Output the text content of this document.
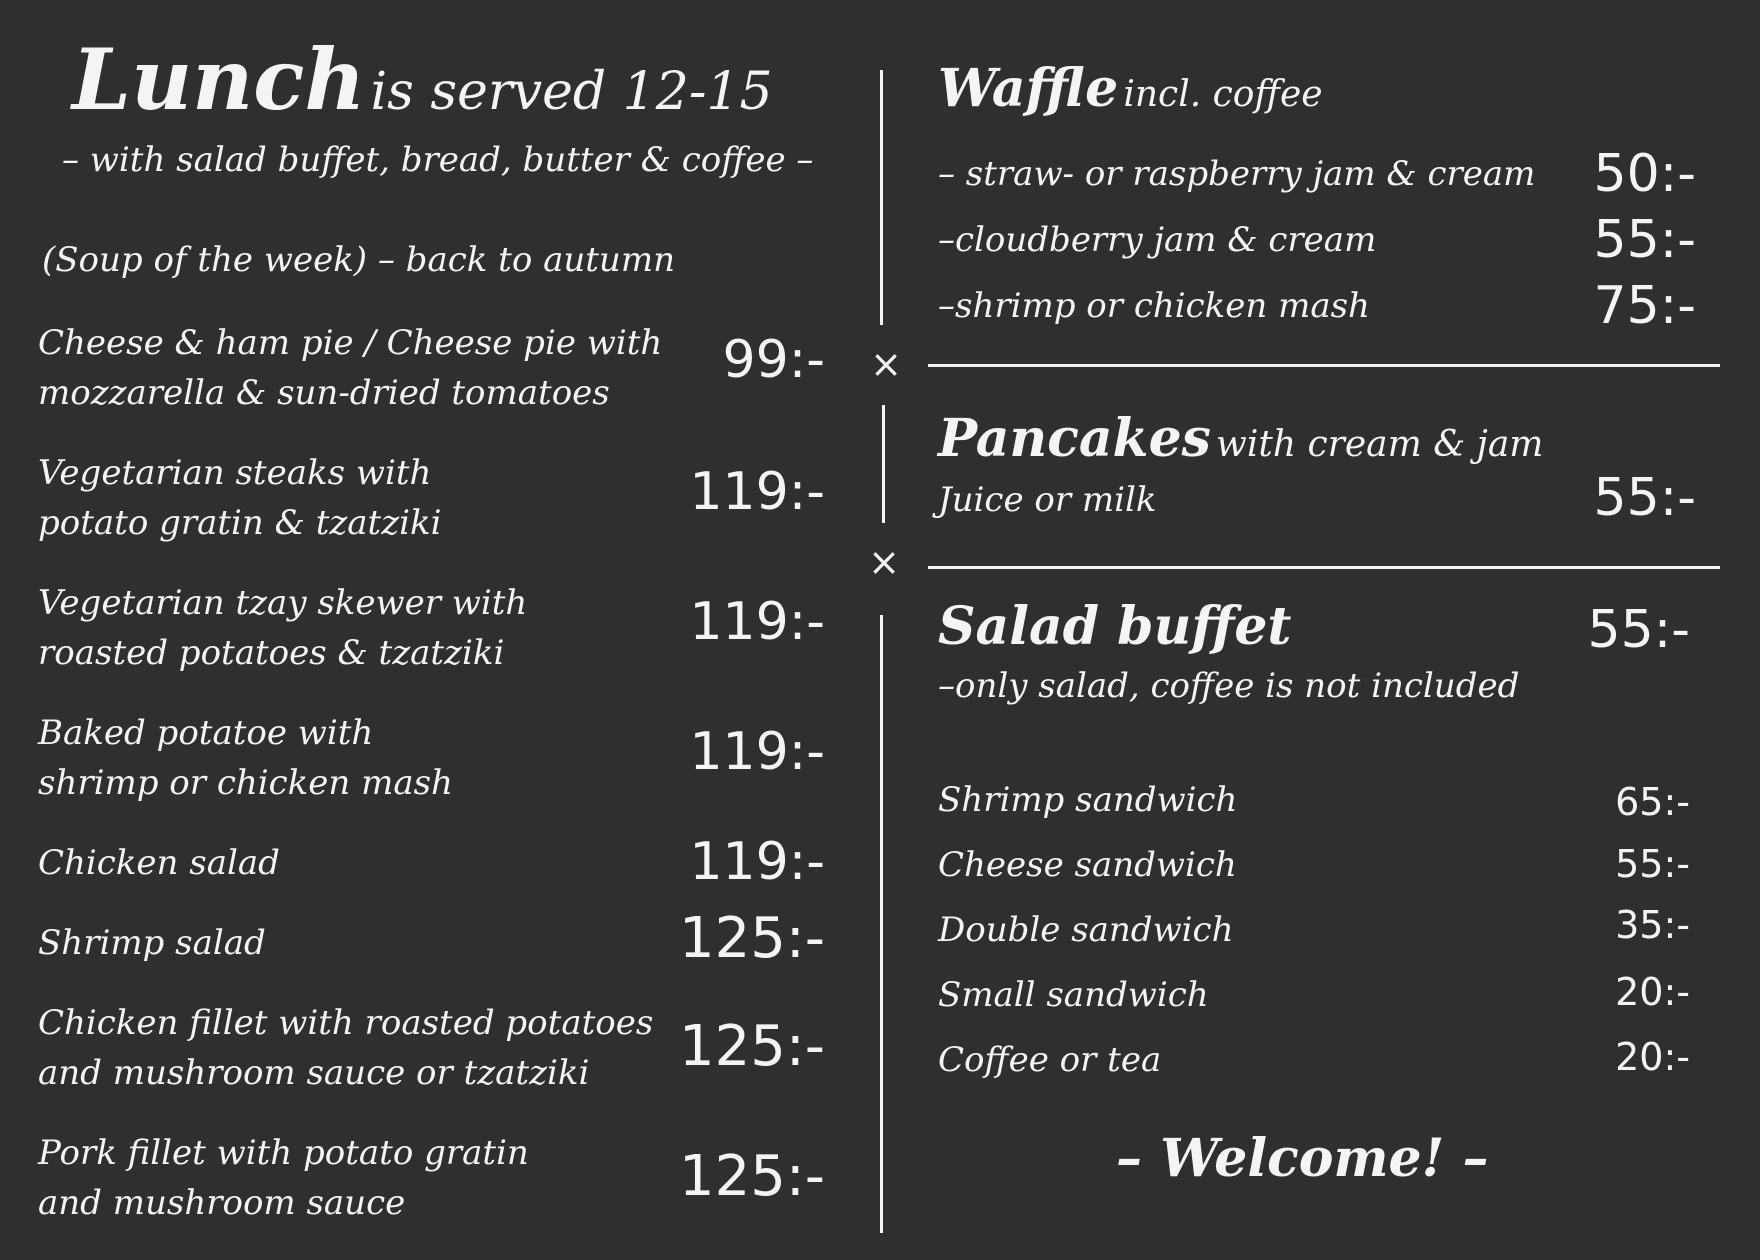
Lunch is served 12-15
– with salad buffet, bread, butter & coffee –
(Soup of the week) – back to autumn
Cheese & ham pie / Cheese pie with
mozzarella & sun-dried tomatoes
99:-
Vegetarian steaks with
potato gratin & tzatziki
119:-
Vegetarian tzay skewer with
roasted potatoes & tzatziki
119:-
Baked potatoe with
shrimp or chicken mash
119:-
Chicken salad	119:-
Shrimp salad	125:-
Chicken fillet with roasted potatoes
and mushroom sauce or tzatziki	125:-
Pork fillet with potato gratin
and mushroom sauce	125:-
×
×
Waffle incl. coffee
– straw- or raspberry jam & cream 50:-
–cloudberry jam & cream	55:-
–shrimp or chicken mash	75:-
Pancakes with cream & jam
Juice or milk	55:-
Salad buffet	55:-
–only salad, coffee is not included
Shrimp sandwich	65:-
Cheese sandwich	55:-
Double sandwich	35:-
Small sandwich	20:-
Coffee or tea	20:-
– Welcome! –
